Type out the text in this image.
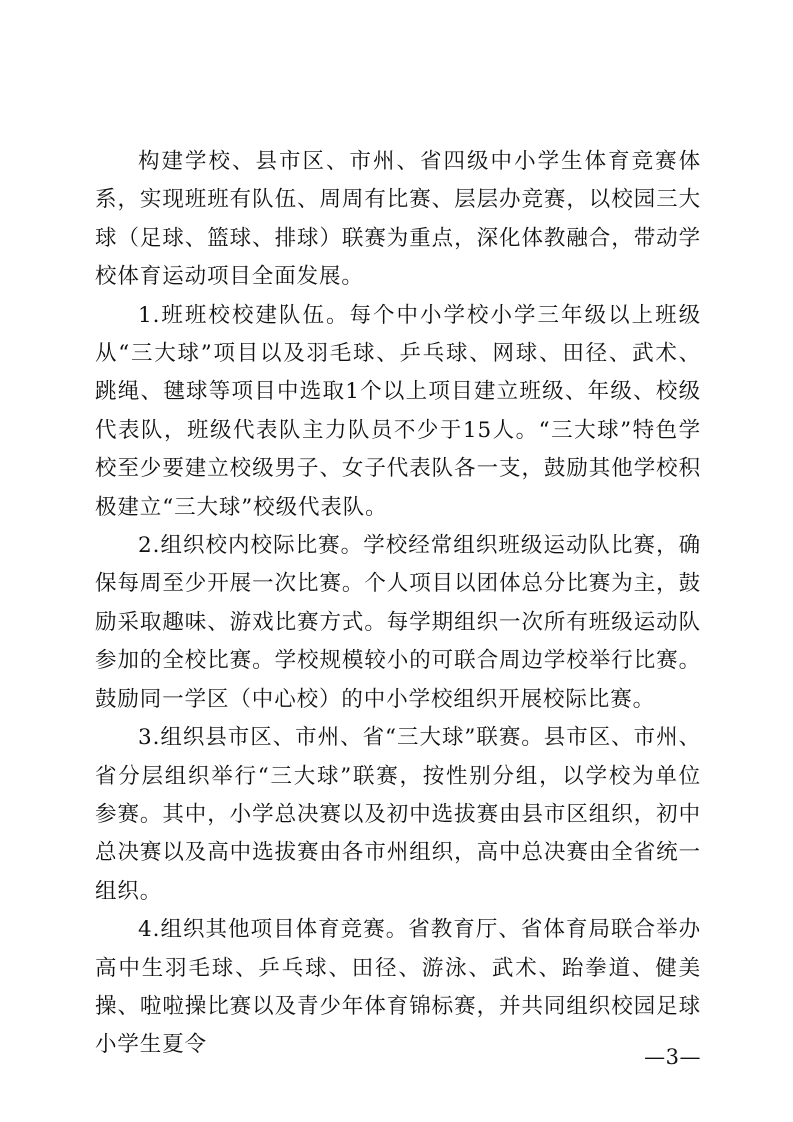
构建学校、县市区、市州、省四级中小学生体育竞赛体系，实现班班有队伍、周周有比赛、层层办竞赛，以校园三大球（足球、篮球、排球）联赛为重点，深化体教融合，带动学校体育运动项目全面发展。

1.班班校校建队伍。每个中小学校小学三年级以上班级从“三大球”项目以及羽毛球、乒乓球、网球、田径、武术、跳绳、毽球等项目中选取1个以上项目建立班级、年级、校级代表队，班级代表队主力队员不少于15人。“三大球”特色学校至少要建立校级男子、女子代表队各一支，鼓励其他学校积极建立“三大球”校级代表队。

2.组织校内校际比赛。学校经常组织班级运动队比赛，确保每周至少开展一次比赛。个人项目以团体总分比赛为主，鼓励采取趣味、游戏比赛方式。每学期组织一次所有班级运动队参加的全校比赛。学校规模较小的可联合周边学校举行比赛。鼓励同一学区（中心校）的中小学校组织开展校际比赛。

3.组织县市区、市州、省“三大球”联赛。县市区、市州、省分层组织举行“三大球”联赛，按性别分组，以学校为单位参赛。其中，小学总决赛以及初中选拔赛由县市区组织，初中总决赛以及高中选拔赛由各市州组织，高中总决赛由全省统一组织。

4.组织其他项目体育竞赛。省教育厅、省体育局联合举办高中生羽毛球、乒乓球、田径、游泳、武术、跆拳道、健美操、啦啦操比赛以及青少年体育锦标赛，并共同组织校园足球小学生夏令	—3—
